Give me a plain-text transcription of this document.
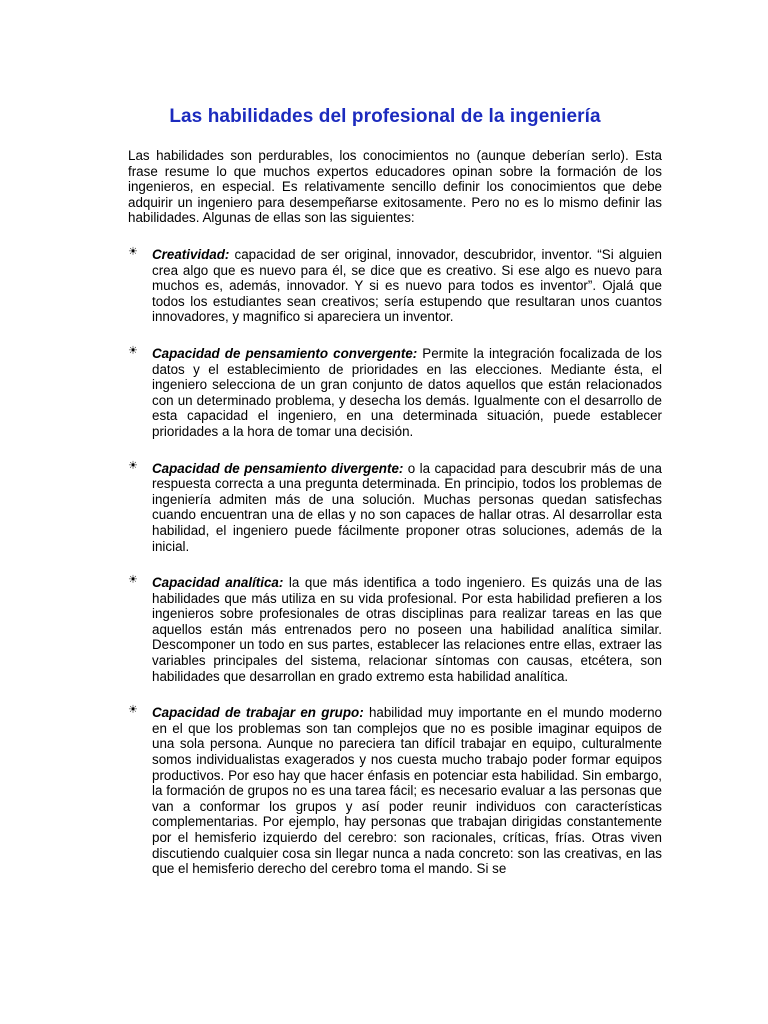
Las habilidades del profesional de la ingeniería

Las habilidades son perdurables, los conocimientos no (aunque deberían serlo). Esta frase resume lo que muchos expertos educadores opinan sobre la formación de los ingenieros, en especial. Es relativamente sencillo definir los conocimientos que debe adquirir un ingeniero para desempeñarse exitosamente. Pero no es lo mismo definir las habilidades. Algunas de ellas son las siguientes:

☀ Creatividad: capacidad de ser original, innovador, descubridor, inventor. “Si alguien crea algo que es nuevo para él, se dice que es creativo. Si ese algo es nuevo para muchos es, además, innovador. Y si es nuevo para todos es inventor”. Ojalá que todos los estudiantes sean creativos; sería estupendo que resultaran unos cuantos innovadores, y magnifico si apareciera un inventor.
☀ Capacidad de pensamiento convergente: Permite la integración focalizada de los datos y el establecimiento de prioridades en las elecciones. Mediante ésta, el ingeniero selecciona de un gran conjunto de datos aquellos que están relacionados con un determinado problema, y desecha los demás. Igualmente con el desarrollo de esta capacidad el ingeniero, en una determinada situación, puede establecer prioridades a la hora de tomar una decisión.
☀ Capacidad de pensamiento divergente: o la capacidad para descubrir más de una respuesta correcta a una pregunta determinada. En principio, todos los problemas de ingeniería admiten más de una solución. Muchas personas quedan satisfechas cuando encuentran una de ellas y no son capaces de hallar otras. Al desarrollar esta habilidad, el ingeniero puede fácilmente proponer otras soluciones, además de la inicial.
☀ Capacidad analítica: la que más identifica a todo ingeniero. Es quizás una de las habilidades que más utiliza en su vida profesional. Por esta habilidad prefieren a los ingenieros sobre profesionales de otras disciplinas para realizar tareas en las que aquellos están más entrenados pero no poseen una habilidad analítica similar. Descomponer un todo en sus partes, establecer las relaciones entre ellas, extraer las variables principales del sistema, relacionar síntomas con causas, etcétera, son habilidades que desarrollan en grado extremo esta habilidad analítica.
☀ Capacidad de trabajar en grupo: habilidad muy importante en el mundo moderno en el que los problemas son tan complejos que no es posible imaginar equipos de una sola persona. Aunque no pareciera tan difícil trabajar en equipo, culturalmente somos individualistas exagerados y nos cuesta mucho trabajo poder formar equipos productivos. Por eso hay que hacer énfasis en potenciar esta habilidad. Sin embargo, la formación de grupos no es una tarea fácil; es necesario evaluar a las personas que van a conformar los grupos y así poder reunir individuos con características complementarias. Por ejemplo, hay personas que trabajan dirigidas constantemente por el hemisferio izquierdo del cerebro: son racionales, críticas, frías. Otras viven discutiendo cualquier cosa sin llegar nunca a nada concreto: son las creativas, en las que el hemisferio derecho del cerebro toma el mando. Si se
